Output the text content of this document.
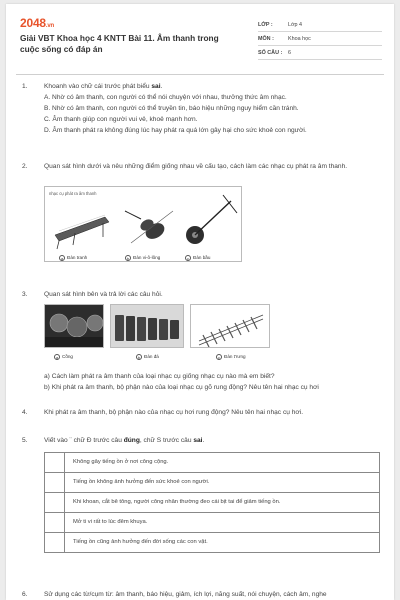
2048.vn
Giải VBT Khoa học 4 KNTT Bài 11. Âm thanh trong cuộc sống có đáp án
LỚP :	Lớp 4
MÔN :	Khoa học
SỐ CÂU :	6
1.	Khoanh vào chữ cái trước phát biểu sai.
A. Nhờ có âm thanh, con người có thể nói chuyện với nhau, thưởng thức âm nhạc.
B. Nhờ có âm thanh, con người có thể truyền tin, báo hiệu những nguy hiểm cần tránh.
C. Âm thanh giúp con người vui vẻ, khoẻ mạnh hơn.
D. Âm thanh phát ra không đúng lúc hay phát ra quá lớn gây hại cho sức khoẻ con người.
2.	Quan sát hình dưới và nêu những điểm giống nhau về cấu tạo, cách làm các nhạc cụ phát ra âm thanh.
nhạc cụ phát ra âm thanh
a Đàn tranh	b Đàn vi-ô-lông	c Đàn bầu
3.	Quan sát hình bên và trả lời các câu hỏi.
a Cồng	b Đàn đá	c Đàn t'rưng
a) Cách làm phát ra âm thanh của loại nhạc cụ giống nhạc cụ nào mà em biết?
b) Khi phát ra âm thanh, bộ phận nào của loại nhạc cụ gõ rung động? Nêu tên hai nhạc cụ hơi
4.	Khi phát ra âm thanh, bộ phận nào của nhạc cụ hơi rung động? Nêu tên hai nhạc cụ hơi.
5.	Viết vào ¨ chữ Đ trước câu đúng, chữ S trước câu sai.
	Không gây tiếng ồn ở nơi công cộng.
	Tiếng ồn không ảnh hưởng đến sức khoẻ con người.
	Khi khoan, cắt bê tông, người công nhân thường đeo cái bịt tai để giảm tiếng ồn.
	Mở ti vi rất to lúc đêm khuya.
	Tiếng ồn cũng ảnh hưởng đến đời sống các con vật.
6.	Sử dụng các từ/cụm từ: âm thanh, báo hiệu, giảm, ích lợi, năng suất, nói chuyện, cách âm, nghe
